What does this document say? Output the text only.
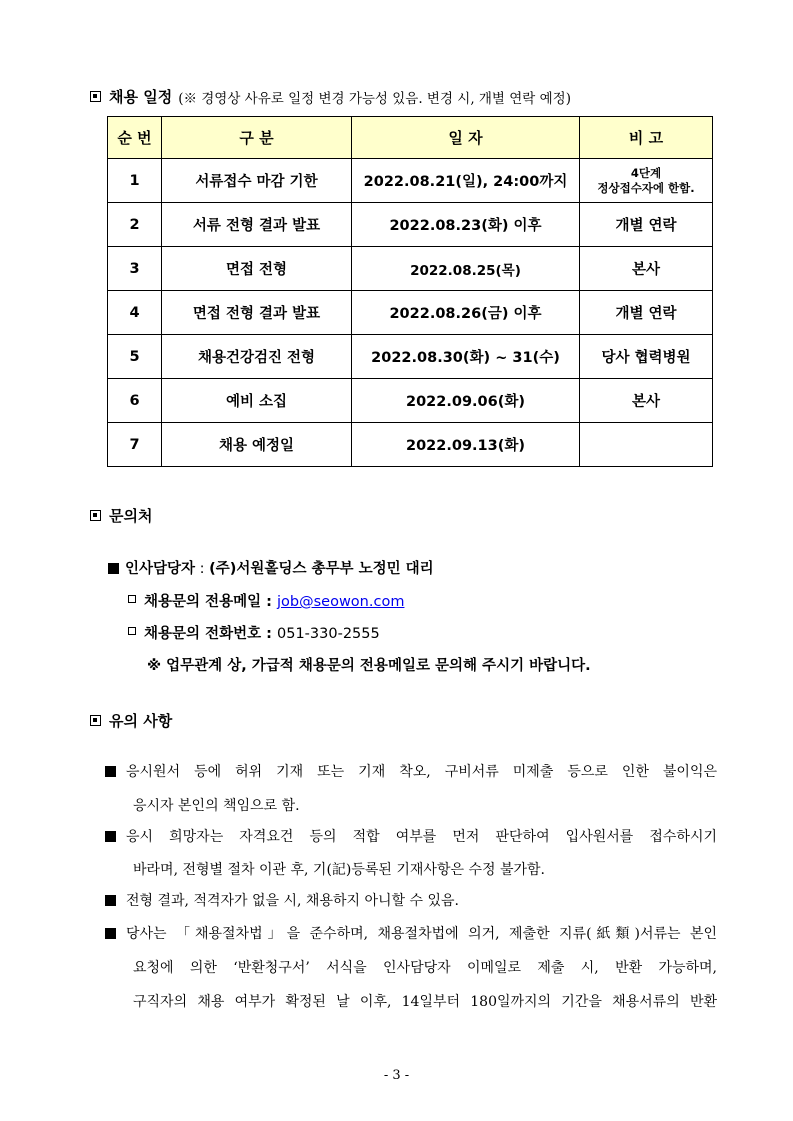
채용 일정 (※ 경영상 사유로 일정 변경 가능성 있음. 변경 시, 개별 연락 예정)
순 번	구 분	일 자	비 고
1	서류접수 마감 기한	2022.08.21(일), 24:00까지	4단계
정상접수자에 한함.

2	서류 전형 결과 발표	2022.08.23(화) 이후	개별 연락
3	면접 전형	2022.08.25(목)	본사
4	면접 전형 결과 발표	2022.08.26(금) 이후	개별 연락
5	채용건강검진 전형	2022.08.30(화) ~ 31(수)	당사 협력병원
6	예비 소집	2022.09.06(화)	본사
7	채용 예정일	2022.09.13(화)	
문의처
인사담당자 : (주)서원홀딩스 총무부 노정민 대리
채용문의 전용메일 : job@seowon.com
채용문의 전화번호 : 051-330-2555
※ 업무관계 상, 가급적 채용문의 전용메일로 문의해 주시기 바랍니다.
유의 사항
응시원서 등에 허위 기재 또는 기재 착오, 구비서류 미제출 등으로 인한 불이익은
응시자 본인의 책임으로 함.
응시 희망자는 자격요건 등의 적합 여부를 먼저 판단하여 입사원서를 접수하시기
바라며, 전형별 절차 이관 후, 기(記)등록된 기재사항은 수정 불가함.
전형 결과, 적격자가 없을 시, 채용하지 아니할 수 있음.
당사는 「채용절차법」을 준수하며, 채용절차법에 의거, 제출한 지류(紙類)서류는 본인
요청에 의한 ‘반환청구서’ 서식을 인사담당자 이메일로 제출 시, 반환 가능하며,
구직자의 채용 여부가 확정된 날 이후, 14일부터 180일까지의 기간을 채용서류의 반환
- 3 -
